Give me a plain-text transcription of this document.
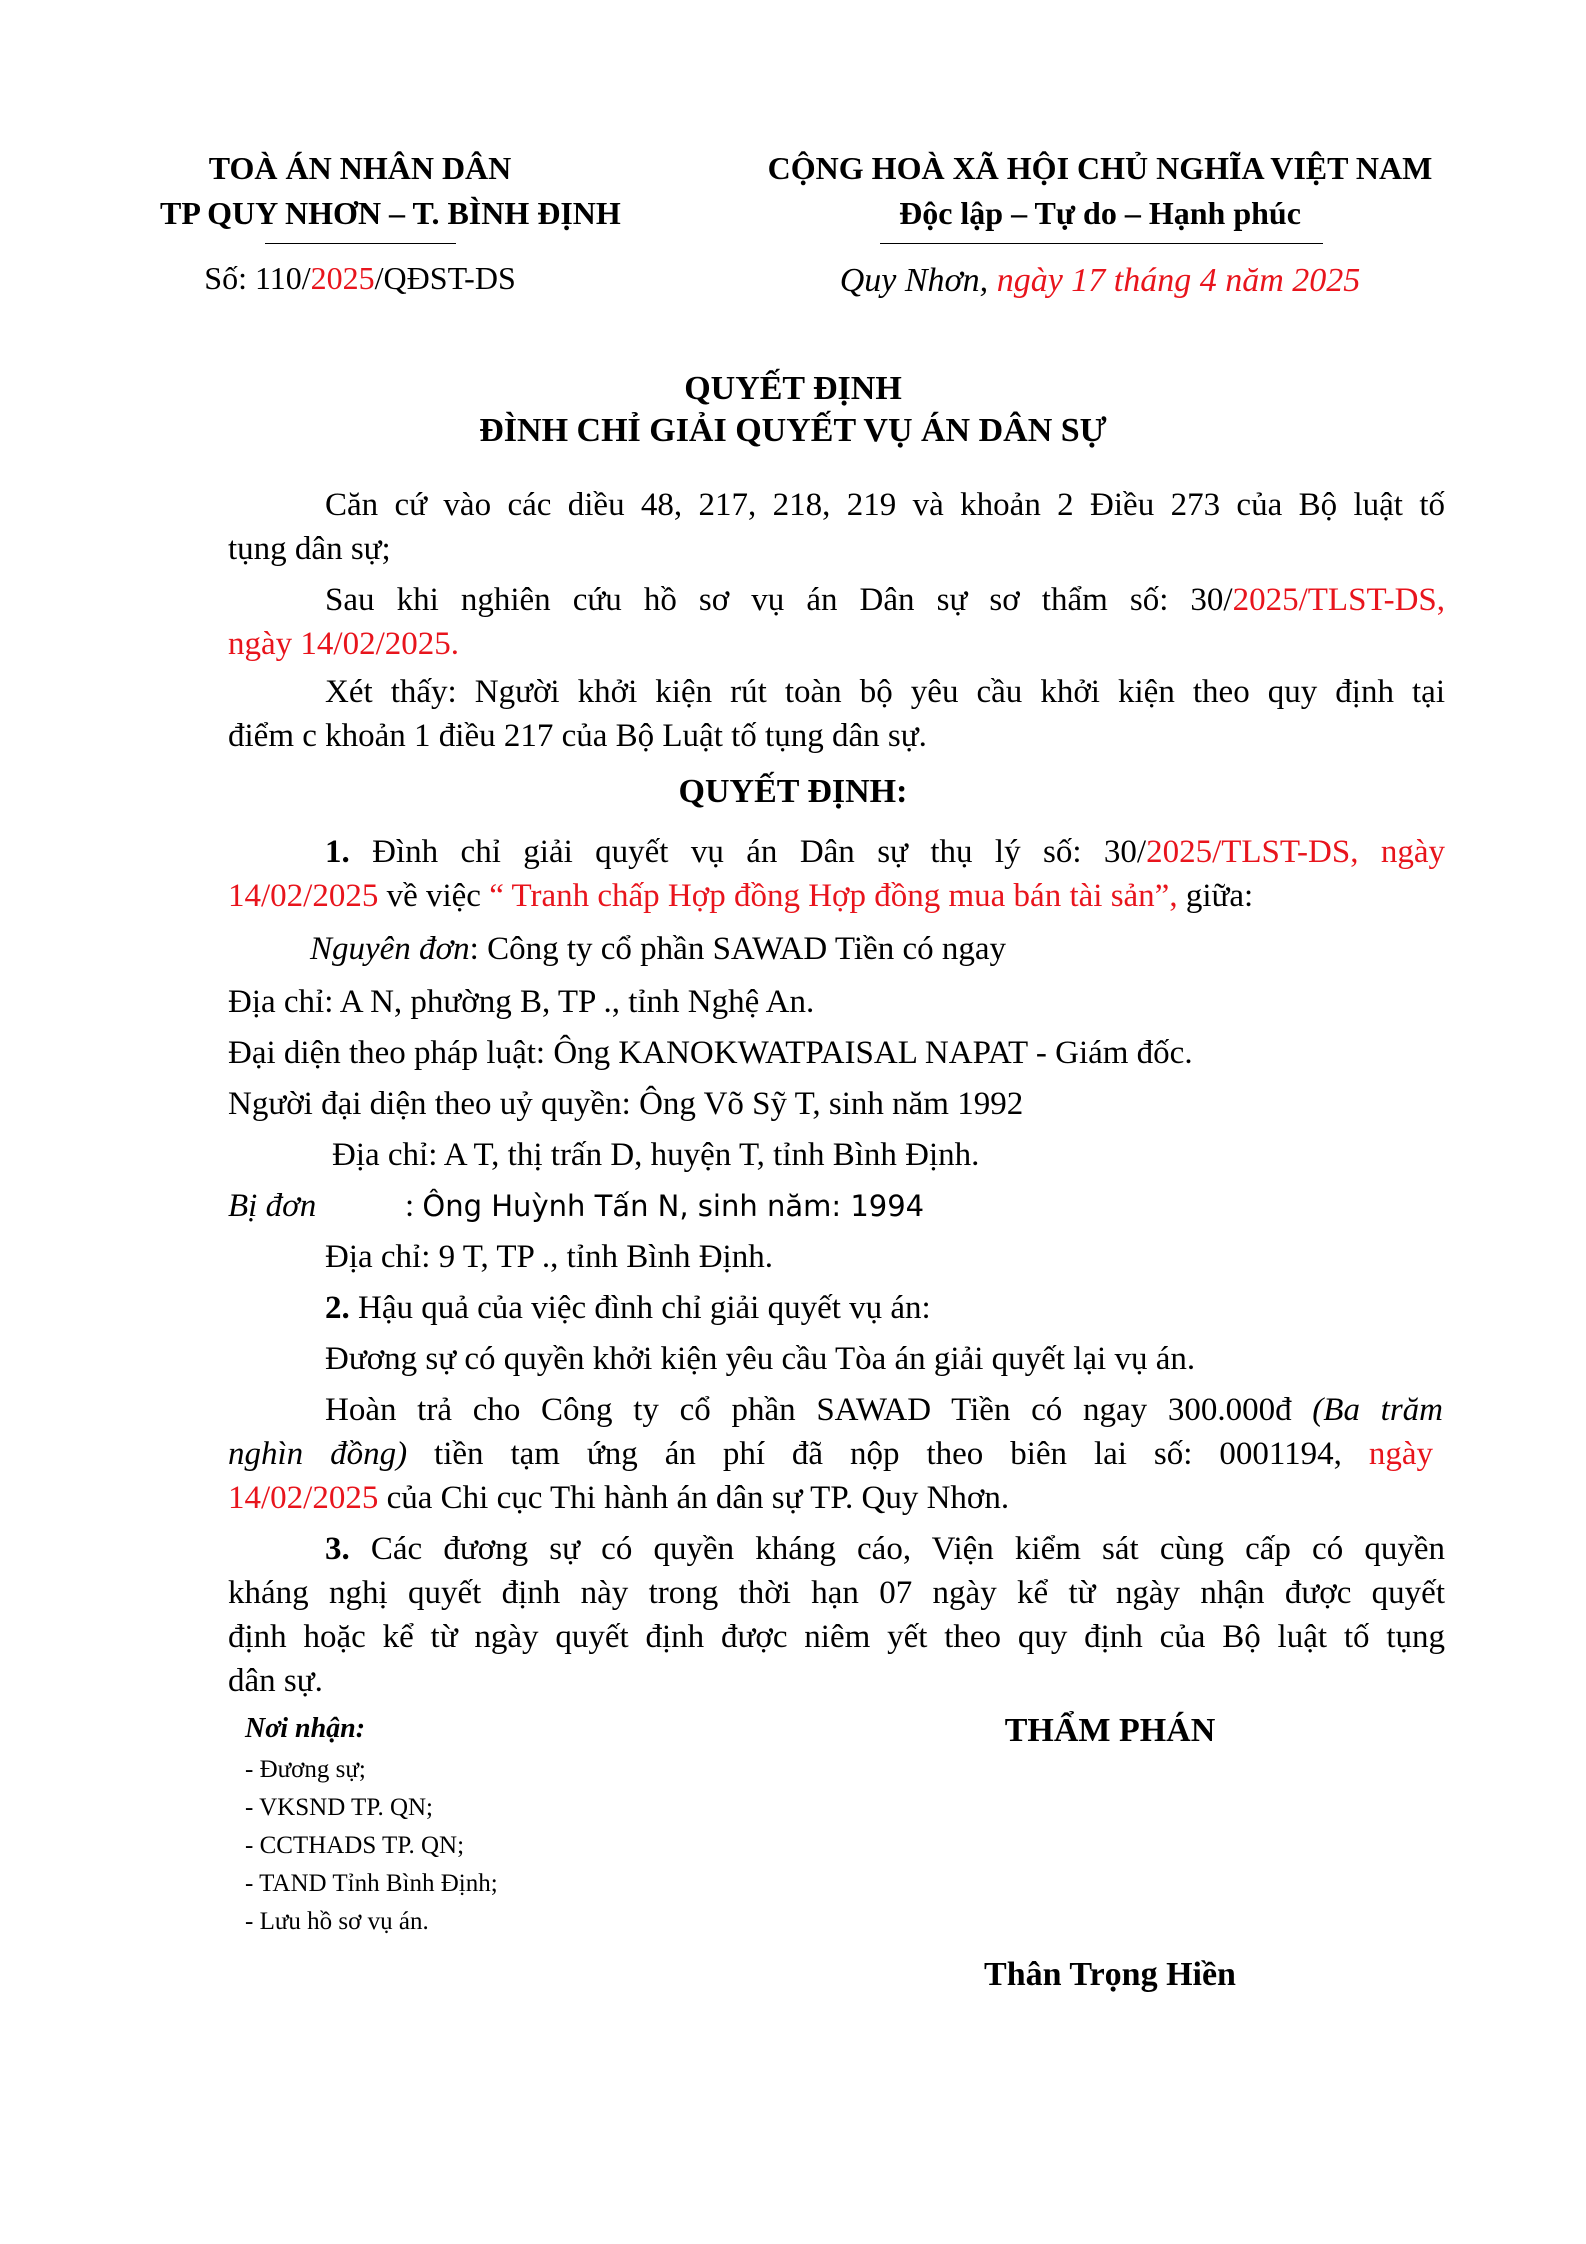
TOÀ ÁN NHÂN DÂN
TP QUY NHƠN – T. BÌNH ĐỊNH
Số: 110/2025/QĐST-DS
CỘNG HOÀ XÃ HỘI CHỦ NGHĨA VIỆT NAM
Độc lập – Tự do – Hạnh phúc
Quy Nhơn, ngày 17 tháng 4 năm 2025
QUYẾT ĐỊNH
ĐÌNH CHỈ GIẢI QUYẾT VỤ ÁN DÂN SỰ
Căn cứ vào các diều 48, 217, 218, 219 và khoản 2 Điều 273 của Bộ luật tố
tụng dân sự;
Sau khi nghiên cứu hồ sơ vụ án Dân sự sơ thẩm số: 30/2025/TLST-DS,
ngày 14/02/2025.
Xét thấy: Người khởi kiện rút toàn bộ yêu cầu khởi kiện theo quy định tại
điểm c khoản 1 điều 217 của Bộ Luật tố tụng dân sự.
QUYẾT ĐỊNH:
1. Đình chỉ giải quyết vụ án Dân sự thụ lý số: 30/2025/TLST-DS, ngày
14/02/2025 về việc “ Tranh chấp Hợp đồng Hợp đồng mua bán tài sản”, giữa:
Nguyên đơn: Công ty cổ phần SAWAD Tiền có ngay
Địa chỉ: A N, phường B, TP ., tỉnh Nghệ An.
Đại diện theo pháp luật: Ông KANOKWATPAISAL NAPAT - Giám đốc.
Người đại diện theo uỷ quyền: Ông Võ Sỹ T, sinh năm 1992
Địa chỉ: A T, thị trấn D, huyện T, tỉnh Bình Định.
Bị đơn	: Ông Huỳnh Tấn N, sinh năm: 1994
Địa chỉ: 9 T, TP ., tỉnh Bình Định.
2. Hậu quả của việc đình chỉ giải quyết vụ án:
Đương sự có quyền khởi kiện yêu cầu Tòa án giải quyết lại vụ án.
Hoàn trả cho Công ty cổ phần SAWAD Tiền có ngay 300.000đ (Ba trăm
nghìn đồng) tiền tạm ứng án phí đã nộp theo biên lai số: 0001194, ngày
14/02/2025 của Chi cục Thi hành án dân sự TP. Quy Nhơn.
3. Các đương sự có quyền kháng cáo, Viện kiểm sát cùng cấp có quyền
kháng nghị quyết định này trong thời hạn 07 ngày kể từ ngày nhận được quyết
định hoặc kể từ ngày quyết định được niêm yết theo quy định của Bộ luật tố tụng
dân sự.
Nơi nhận:
- Đương sự;
- VKSND TP. QN;
- CCTHADS TP. QN;
- TAND Tỉnh Bình Định;
- Lưu hồ sơ vụ án.
THẨM PHÁN
Thân Trọng Hiền
